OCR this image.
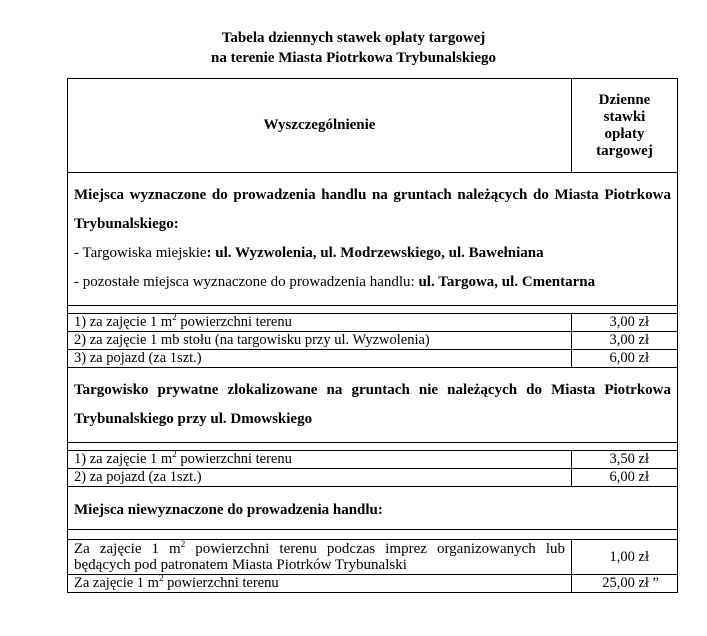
Tabela dziennych stawek opłaty targowej
na terenie Miasta Piotrkowa Trybunalskiego
Wyszczególnienie	Dzienne
stawki
opłaty
targowej

Miejsca wyznaczone do prowadzenia handlu na gruntach należących do Miasta Piotrkowa Trybunalskiego:
- Targowiska miejskie: ul. Wyzwolenia, ul. Modrzewskiego, ul. Bawełniana
- pozostałe miejsca wyznaczone do prowadzenia handlu: ul. Targowa, ul. Cmentarna	

1) za zajęcie 1 $m^2$ powierzchni terenu	3,00 zł
2) za zajęcie 1 mb stołu (na targowisku przy ul. Wyzwolenia)	3,00 zł
3) za pojazd (za 1szt.)	6,00 zł

Targowisko prywatne zlokalizowane na gruntach nie należących do Miasta Piotrkowa Trybunalskiego przy ul. Dmowskiego	

1) za zajęcie 1 $m^2$ powierzchni terenu	3,50 zł
2) za pojazd (za 1szt.)	6,00 zł
Miejsca niewyznaczone do prowadzenia handlu:	

Za zajęcie 1 $m^2$ powierzchni terenu podczas imprez organizowanych lub będących pod patronatem Miasta Piotrków Trybunalski	1,00 zł
Za zajęcie 1 $m^2$ powierzchni terenu	25,00 zł ”
